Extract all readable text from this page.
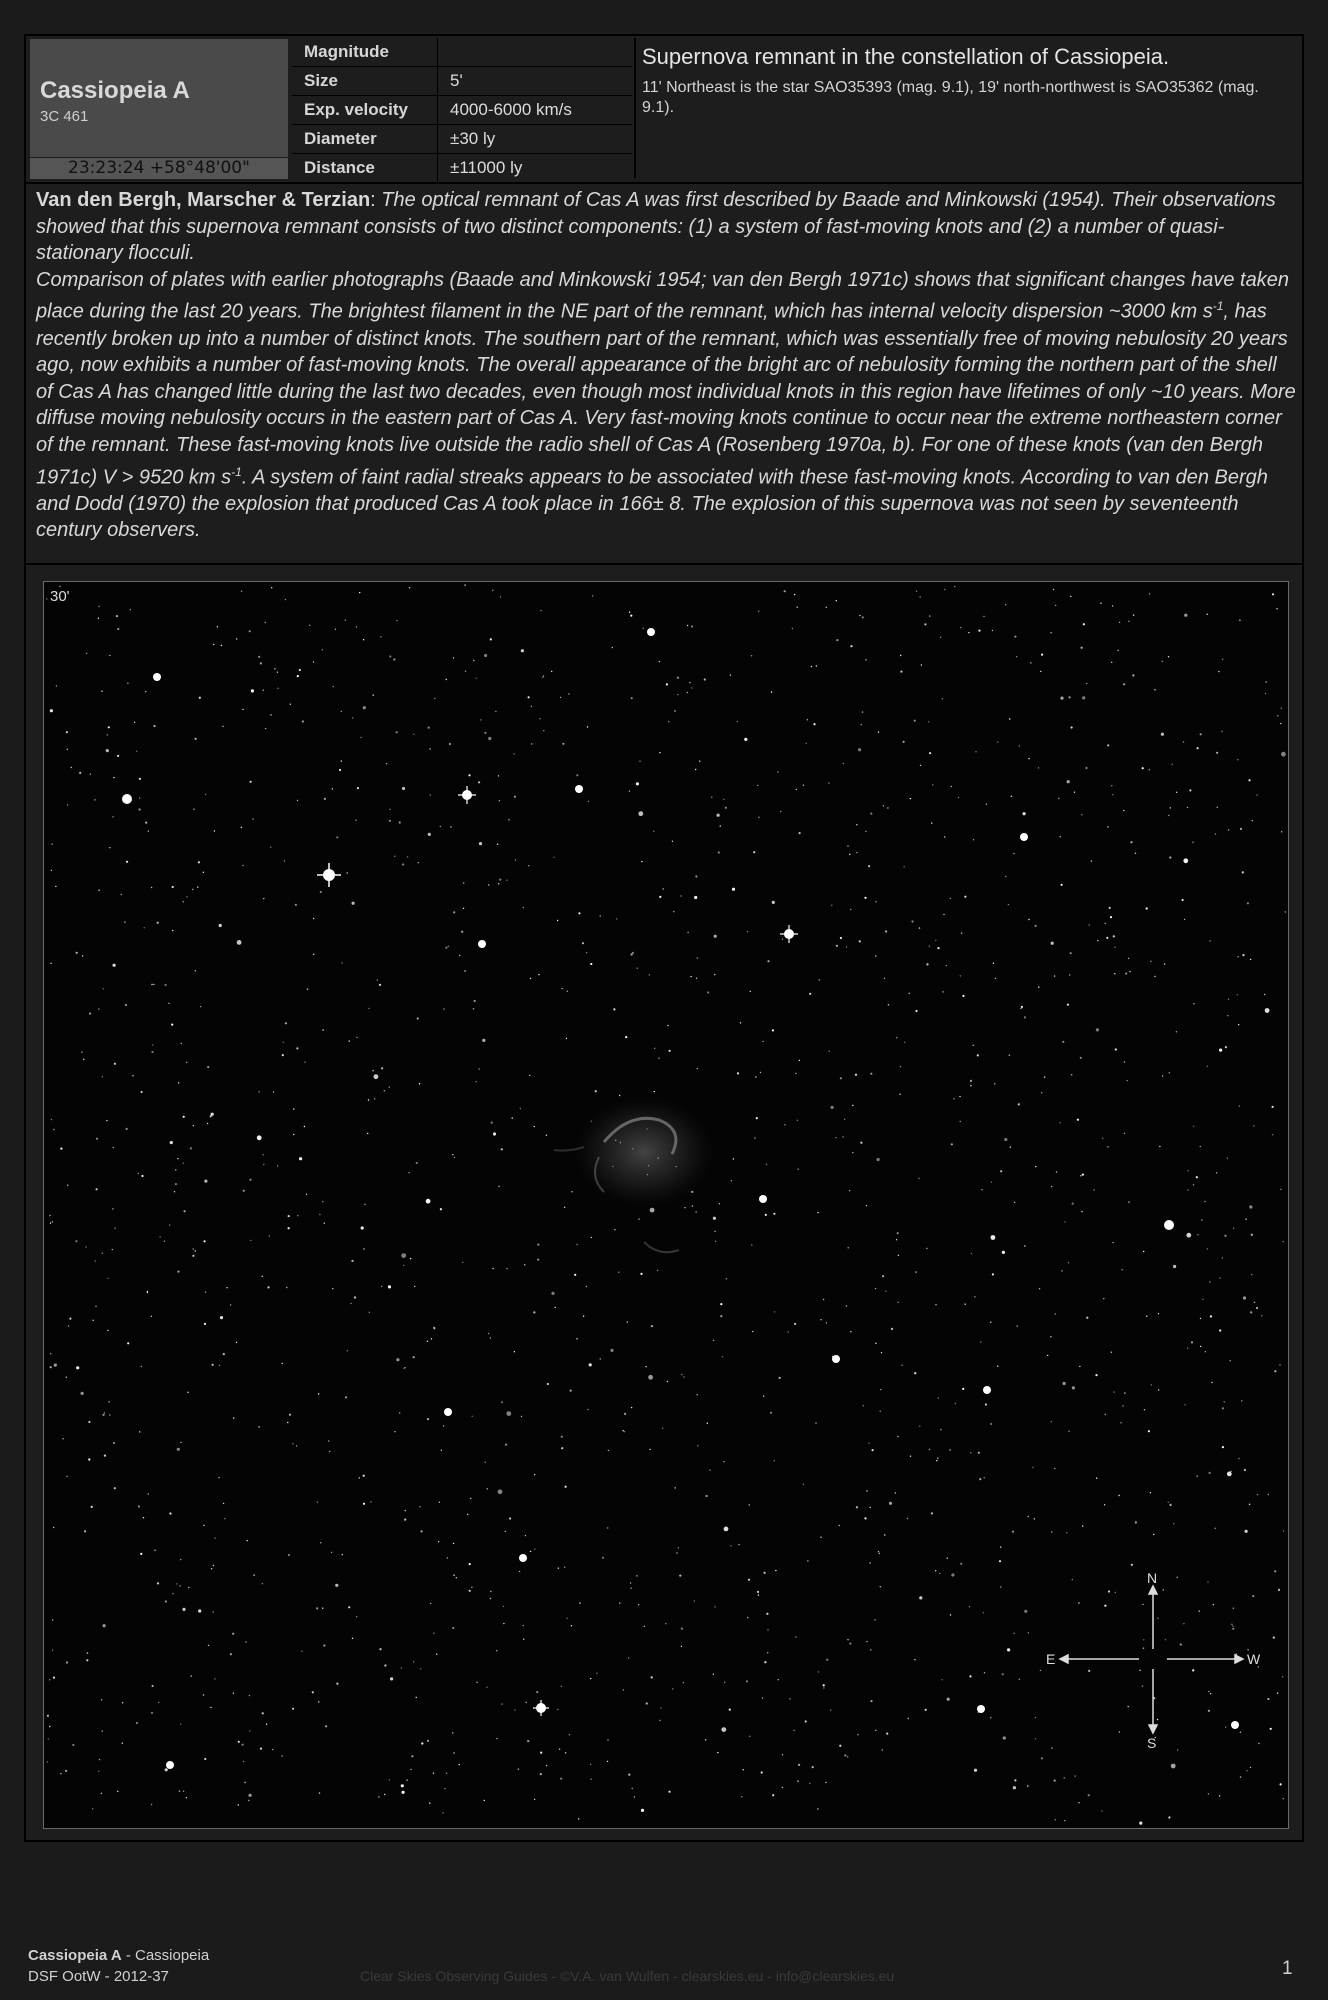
Cassiopeia A
3C 461
23:23:24 +58°48'00"
Magnitude
Size	5'
Exp. velocity	4000-6000 km/s
Diameter	±30 ly
Distance	±11000 ly
Supernova remnant in the constellation of Cassiopeia.
11' Northeast is the star SAO35393 (mag. 9.1), 19' north-northwest is SAO35362 (mag. 9.1).
Van den Bergh, Marscher & Terzian: The optical remnant of Cas A was first described by Baade and Minkowski (1954). Their observations showed that this supernova remnant consists of two distinct components: (1) a system of fast-moving knots and (2) a number of quasi-stationary flocculi.
Comparison of plates with earlier photographs (Baade and Minkowski 1954; van den Bergh 1971c) shows that significant changes have taken place during the last 20 years. The brightest filament in the NE part of the remnant, which has internal velocity dispersion ~3000 km $s^{-1}$, has recently broken up into a number of distinct knots. The southern part of the remnant, which was essentially free of moving nebulosity 20 years ago, now exhibits a number of fast-moving knots. The overall appearance of the bright arc of nebulosity forming the northern part of the shell of Cas A has changed little during the last two decades, even though most individual knots in this region have lifetimes of only ~10 years. More diffuse moving nebulosity occurs in the eastern part of Cas A. Very fast-moving knots continue to occur near the extreme northeastern corner of the remnant. These fast-moving knots live outside the radio shell of Cas A (Rosenberg 1970a, b). For one of these knots (van den Bergh 1971c) V > 9520 km $s^{-1}$. A system of faint radial streaks appears to be associated with these fast-moving knots. According to van den Bergh and Dodd (1970) the explosion that produced Cas A took place in 166± 8. The explosion of this supernova was not seen by seventeenth century observers.
N
S
E	W
30'
Cassiopeia A - Cassiopeia
DSF OotW - 2012-37	Clear Skies Observing Guides - ©V.A. van Wulfen - clearskies.eu - info@clearskies.eu	1
